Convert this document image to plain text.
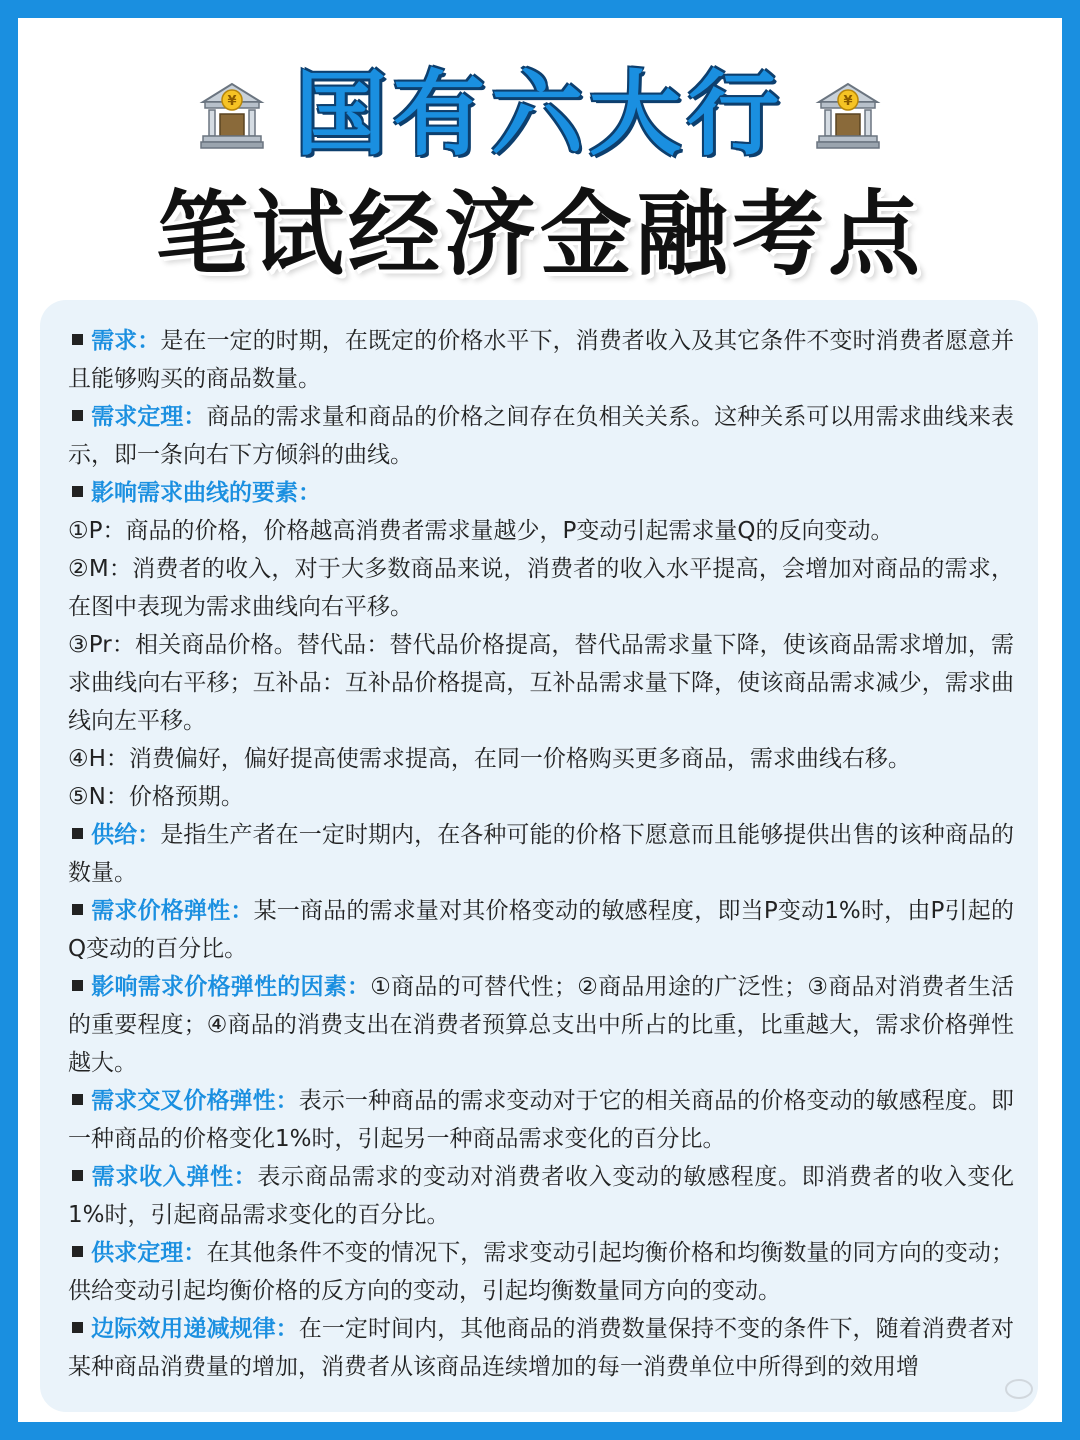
¥ 国有六大行	¥
笔试经济金融考点

需求：是在一定的时期，在既定的价格水平下，消费者收入及其它条件不变时消费者愿意并且能够购买的商品数量。

需求定理：商品的需求量和商品的价格之间存在负相关关系。这种关系可以用需求曲线来表示，即一条向右下方倾斜的曲线。

影响需求曲线的要素：

①P：商品的价格，价格越高消费者需求量越少，P变动引起需求量Q的反向变动。

②M：消费者的收入，对于大多数商品来说，消费者的收入水平提高，会增加对商品的需求，在图中表现为需求曲线向右平移。

③Pr：相关商品价格。替代品：替代品价格提高，替代品需求量下降，使该商品需求增加，需求曲线向右平移；互补品：互补品价格提高，互补品需求量下降，使该商品需求减少，需求曲线向左平移。

④H：消费偏好，偏好提高使需求提高，在同一价格购买更多商品，需求曲线右移。

⑤N：价格预期。

供给：是指生产者在一定时期内，在各种可能的价格下愿意而且能够提供出售的该种商品的数量。

需求价格弹性：某一商品的需求量对其价格变动的敏感程度，即当P变动1%时，由P引起的Q变动的百分比。

影响需求价格弹性的因素：①商品的可替代性；②商品用途的广泛性；③商品对消费者生活的重要程度；④商品的消费支出在消费者预算总支出中所占的比重，比重越大，需求价格弹性越大。

需求交叉价格弹性：表示一种商品的需求变动对于它的相关商品的价格变动的敏感程度。即一种商品的价格变化1%时，引起另一种商品需求变化的百分比。

需求收入弹性：表示商品需求的变动对消费者收入变动的敏感程度。即消费者的收入变化1%时，引起商品需求变化的百分比。

供求定理：在其他条件不变的情况下，需求变动引起均衡价格和均衡数量的同方向的变动；供给变动引起均衡价格的反方向的变动，引起均衡数量同方向的变动。

边际效用递减规律：在一定时间内，其他商品的消费数量保持不变的条件下，随着消费者对某种商品消费量的增加，消费者从该商品连续增加的每一消费单位中所得到的效用增
